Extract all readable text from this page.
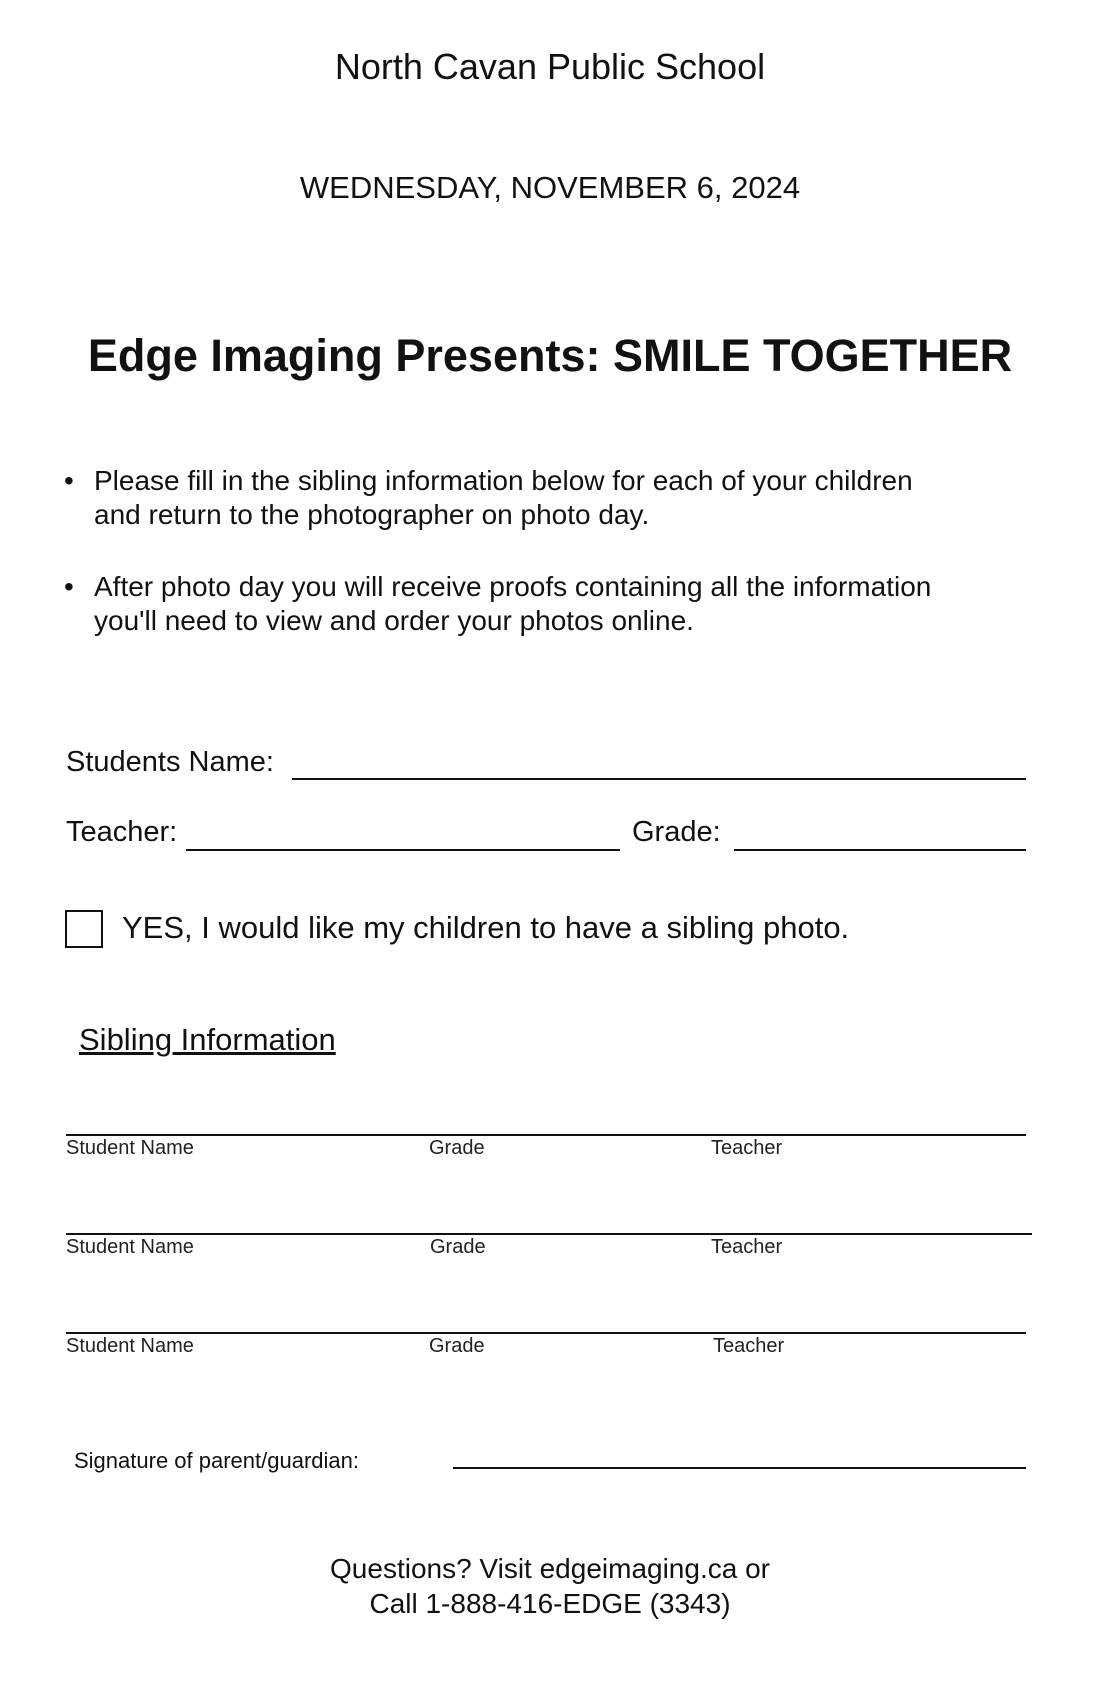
North Cavan Public School
WEDNESDAY, NOVEMBER 6, 2024
Edge Imaging Presents: SMILE TOGETHER
• Please fill in the sibling information below for each of your children
and return to the photographer on photo day.
• After photo day you will receive proofs containing all the information
you'll need to view and order your photos online.
Students Name:
Teacher:	Grade:
YES, I would like my children to have a sibling photo.
Sibling Information
Student Name	Grade	Teacher
Student Name	Grade	Teacher
Student Name	Grade	Teacher
Signature of parent/guardian:
Questions? Visit edgeimaging.ca or
Call 1-888-416-EDGE (3343)
